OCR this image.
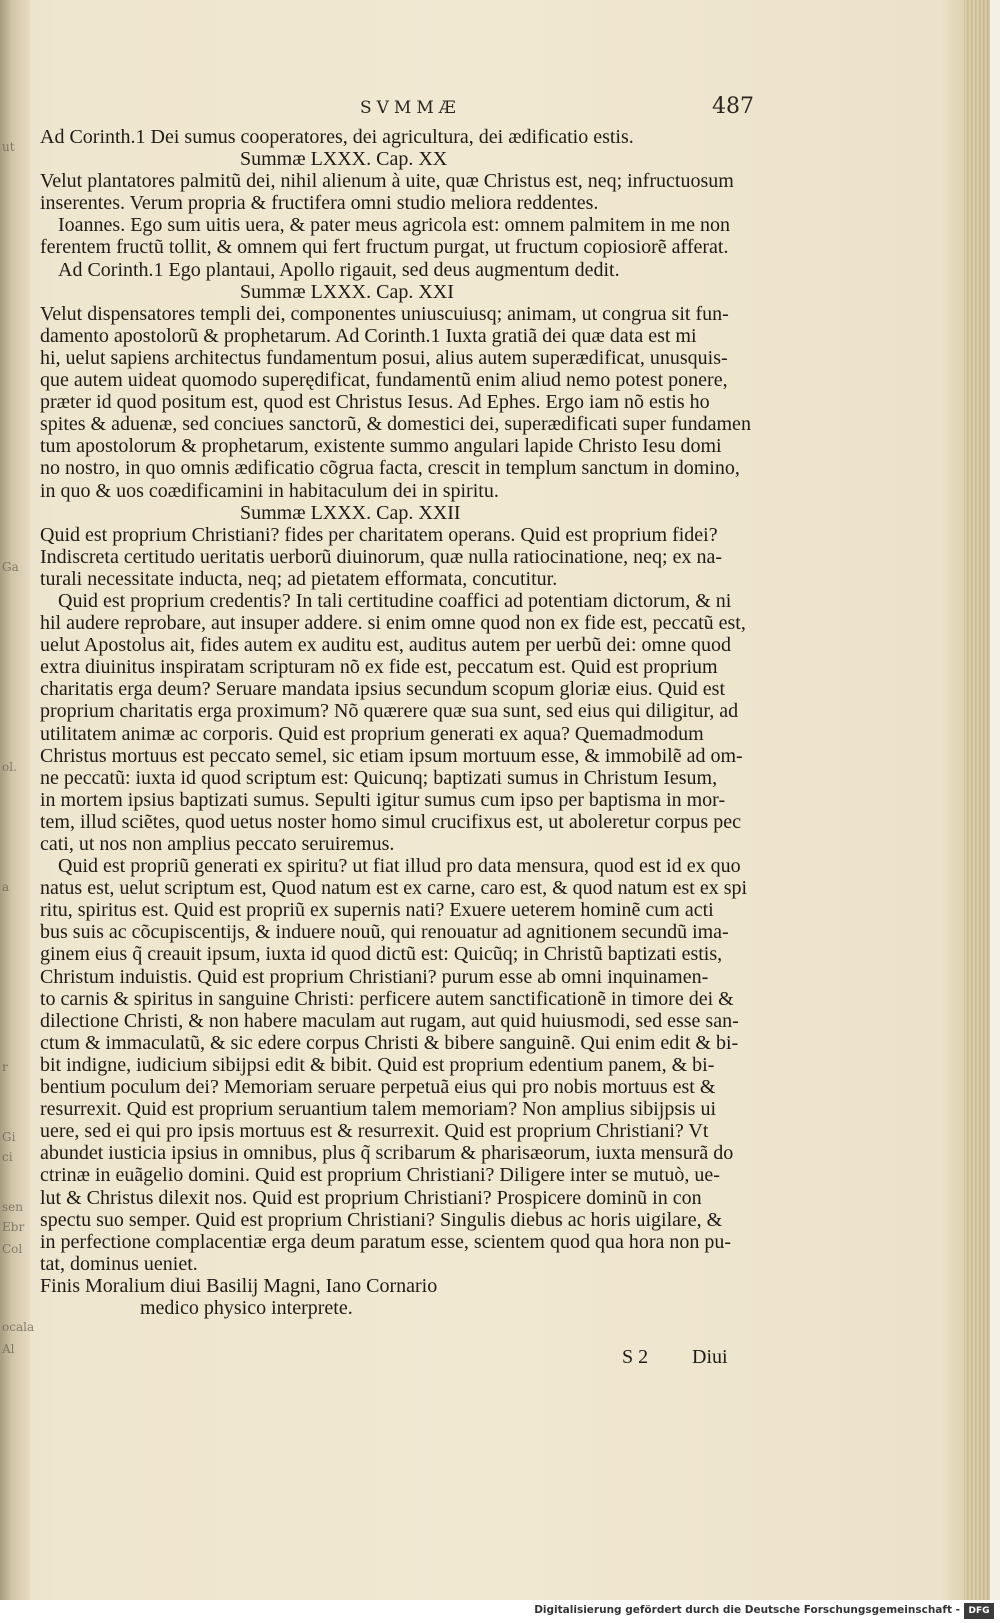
ut
Ga
ol.
a
r
Gi
ci
sen
Ebr
Col
ocala
Al
SVMMÆ	487
Ad Corinth.1 Dei sumus cooperatores, dei agricultura, dei ædificatio estis.
Summæ LXXX. Cap. XX
Velut plantatores palmitũ dei, nihil alienum à uite, quæ Christus est, neq; infructuosum
inserentes. Verum propria & fructifera omni studio meliora reddentes.
Ioannes. Ego sum uitis uera, & pater meus agricola est: omnem palmitem in me non
ferentem fructũ tollit, & omnem qui fert fructum purgat, ut fructum copiosiorẽ afferat.
Ad Corinth.1 Ego plantaui, Apollo rigauit, sed deus augmentum dedit.
Summæ LXXX. Cap. XXI
Velut dispensatores templi dei, componentes uniuscuiusq; animam, ut congrua sit fun-
damento apostolorũ & prophetarum. Ad Corinth.1 Iuxta gratiã dei quæ data est mi
hi, uelut sapiens architectus fundamentum posui, alius autem superædificat, unusquis-
que autem uideat quomodo superędificat, fundamentũ enim aliud nemo potest ponere,
præter id quod positum est, quod est Christus Iesus. Ad Ephes. Ergo iam nõ estis ho
spites & aduenæ, sed conciues sanctorũ, & domestici dei, superædificati super fundamen
tum apostolorum & prophetarum, existente summo angulari lapide Christo Iesu domi
no nostro, in quo omnis ædificatio cõgrua facta, crescit in templum sanctum in domino,
in quo & uos coædificamini in habitaculum dei in spiritu.
Summæ LXXX. Cap. XXII
Quid est proprium Christiani? fides per charitatem operans. Quid est proprium fidei?
Indiscreta certitudo ueritatis uerborũ diuinorum, quæ nulla ratiocinatione, neq; ex na-
turali necessitate inducta, neq; ad pietatem efformata, concutitur.
Quid est proprium credentis? In tali certitudine coaffici ad potentiam dictorum, & ni
hil audere reprobare, aut insuper addere. si enim omne quod non ex fide est, peccatũ est,
uelut Apostolus ait, fides autem ex auditu est, auditus autem per uerbũ dei: omne quod
extra diuinitus inspiratam scripturam nõ ex fide est, peccatum est. Quid est proprium
charitatis erga deum? Seruare mandata ipsius secundum scopum gloriæ eius. Quid est
proprium charitatis erga proximum? Nõ quærere quæ sua sunt, sed eius qui diligitur, ad
utilitatem animæ ac corporis. Quid est proprium generati ex aqua? Quemadmodum
Christus mortuus est peccato semel, sic etiam ipsum mortuum esse, & immobilẽ ad om-
ne peccatũ: iuxta id quod scriptum est: Quicunq; baptizati sumus in Christum Iesum,
in mortem ipsius baptizati sumus. Sepulti igitur sumus cum ipso per baptisma in mor-
tem, illud sciẽtes, quod uetus noster homo simul crucifixus est, ut aboleretur corpus pec
cati, ut nos non amplius peccato seruiremus.
Quid est propriũ generati ex spiritu? ut fiat illud pro data mensura, quod est id ex quo
natus est, uelut scriptum est, Quod natum est ex carne, caro est, & quod natum est ex spi
ritu, spiritus est. Quid est propriũ ex supernis nati? Exuere ueterem hominẽ cum acti
bus suis ac cõcupiscentijs, & induere nouũ, qui renouatur ad agnitionem secundũ ima-
ginem eius q̃ creauit ipsum, iuxta id quod dictũ est: Quicũq; in Christũ baptizati estis,
Christum induistis. Quid est proprium Christiani? purum esse ab omni inquinamen-
to carnis & spiritus in sanguine Christi: perficere autem sanctificationẽ in timore dei &
dilectione Christi, & non habere maculam aut rugam, aut quid huiusmodi, sed esse san-
ctum & immaculatũ, & sic edere corpus Christi & bibere sanguinẽ. Qui enim edit & bi-
bit indigne, iudicium sibijpsi edit & bibit. Quid est proprium edentium panem, & bi-
bentium poculum dei? Memoriam seruare perpetuã eius qui pro nobis mortuus est &
resurrexit. Quid est proprium seruantium talem memoriam? Non amplius sibijpsis ui
uere, sed ei qui pro ipsis mortuus est & resurrexit. Quid est proprium Christiani? Vt
abundet iusticia ipsius in omnibus, plus q̃ scribarum & pharisæorum, iuxta mensurã do
ctrinæ in euãgelio domini. Quid est proprium Christiani? Diligere inter se mutuò, ue-
lut & Christus dilexit nos. Quid est proprium Christiani? Prospicere dominũ in con
spectu suo semper. Quid est proprium Christiani? Singulis diebus ac horis uigilare, &
in perfectione complacentiæ erga deum paratum esse, scientem quod qua hora non pu-
tat, dominus ueniet.
Finis Moralium diui Basilij Magni, Iano Cornario
medico physico interprete.
S 2 Diui
Digitalisierung gefördert durch die Deutsche Forschungsgemeinschaft - DFG
